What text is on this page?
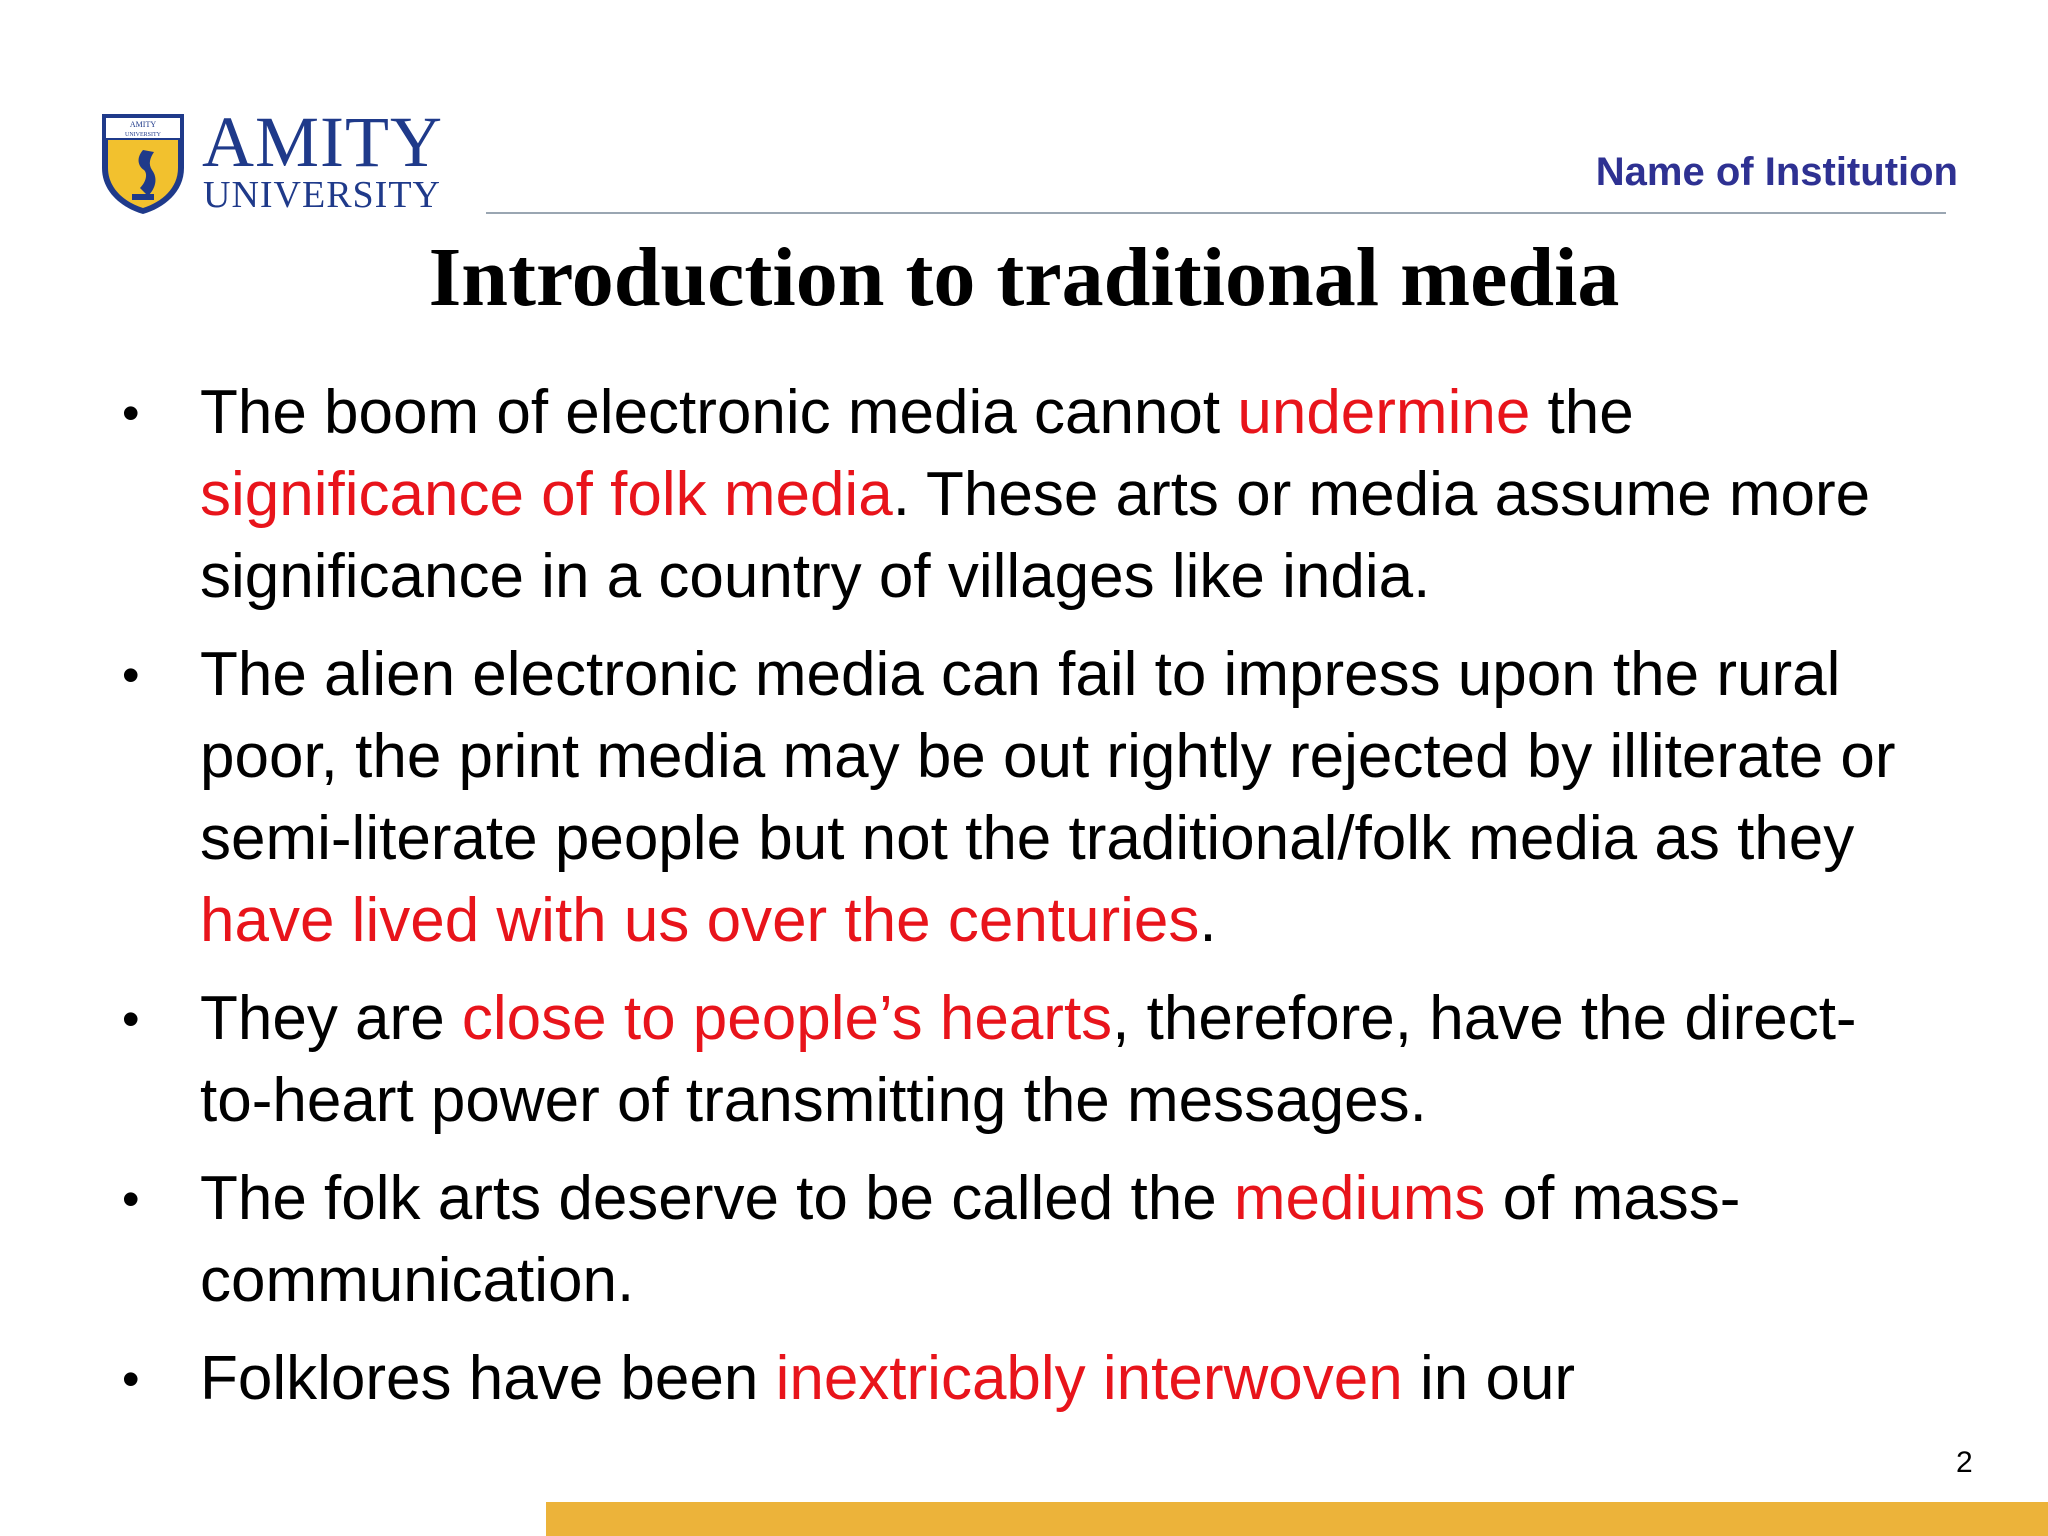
AMITY
UNIVERSITY AMITY
UNIVERSITY
Name of Institution
Introduction to traditional media
• The boom of electronic media cannot undermine the significance of folk media. These arts or media assume more significance in a country of villages like india.
• The alien electronic media can fail to impress upon the rural poor, the print media may be out rightly rejected by illiterate or semi-literate people but not the traditional/folk media as they have lived with us over the centuries.
• They are close to people’s hearts, therefore, have the direct-to-heart power of transmitting the messages.
• The folk arts deserve to be called the mediums of mass-communication.
• Folklores have been inextricably interwoven in our
2
